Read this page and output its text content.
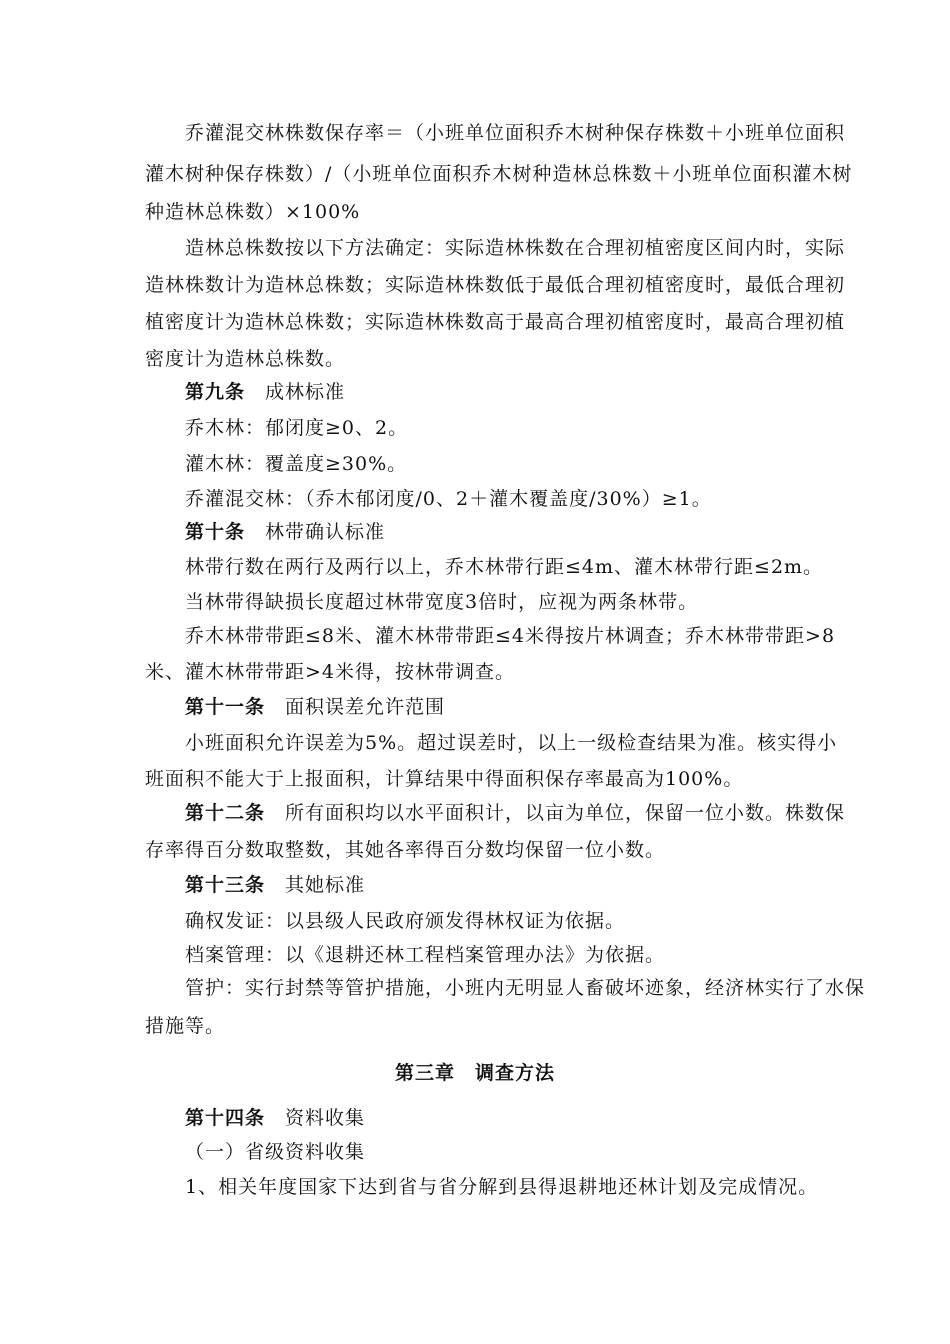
乔灌混交林株数保存率＝（小班单位面积乔木树种保存株数＋小班单位面积
灌木树种保存株数）/（小班单位面积乔木树种造林总株数＋小班单位面积灌木树
种造林总株数）×100%
造林总株数按以下方法确定：实际造林株数在合理初植密度区间内时，实际
造林株数计为造林总株数；实际造林株数低于最低合理初植密度时，最低合理初
植密度计为造林总株数；实际造林株数高于最高合理初植密度时，最高合理初植
密度计为造林总株数。
第九条 成林标准
乔木林：郁闭度≥0、2。
灌木林：覆盖度≥30%。
乔灌混交林：（乔木郁闭度/0、2＋灌木覆盖度/30%）≥1。
第十条 林带确认标准
林带行数在两行及两行以上，乔木林带行距≤4m、灌木林带行距≤2m。
当林带得缺损长度超过林带宽度3倍时，应视为两条林带。
乔木林带带距≤8米、灌木林带带距≤4米得按片林调查；乔木林带带距>8
米、灌木林带带距>4米得，按林带调查。
第十一条 面积误差允许范围
小班面积允许误差为5%。超过误差时，以上一级检查结果为准。核实得小
班面积不能大于上报面积，计算结果中得面积保存率最高为100%。
第十二条 所有面积均以水平面积计，以亩为单位，保留一位小数。株数保
存率得百分数取整数，其她各率得百分数均保留一位小数。
第十三条 其她标准
确权发证：以县级人民政府颁发得林权证为依据。
档案管理：以《退耕还林工程档案管理办法》为依据。
管护：实行封禁等管护措施，小班内无明显人畜破坏迹象，经济林实行了水保
措施等。
第三章 调查方法
第十四条 资料收集
（一）省级资料收集
1、相关年度国家下达到省与省分解到县得退耕地还林计划及完成情况。
